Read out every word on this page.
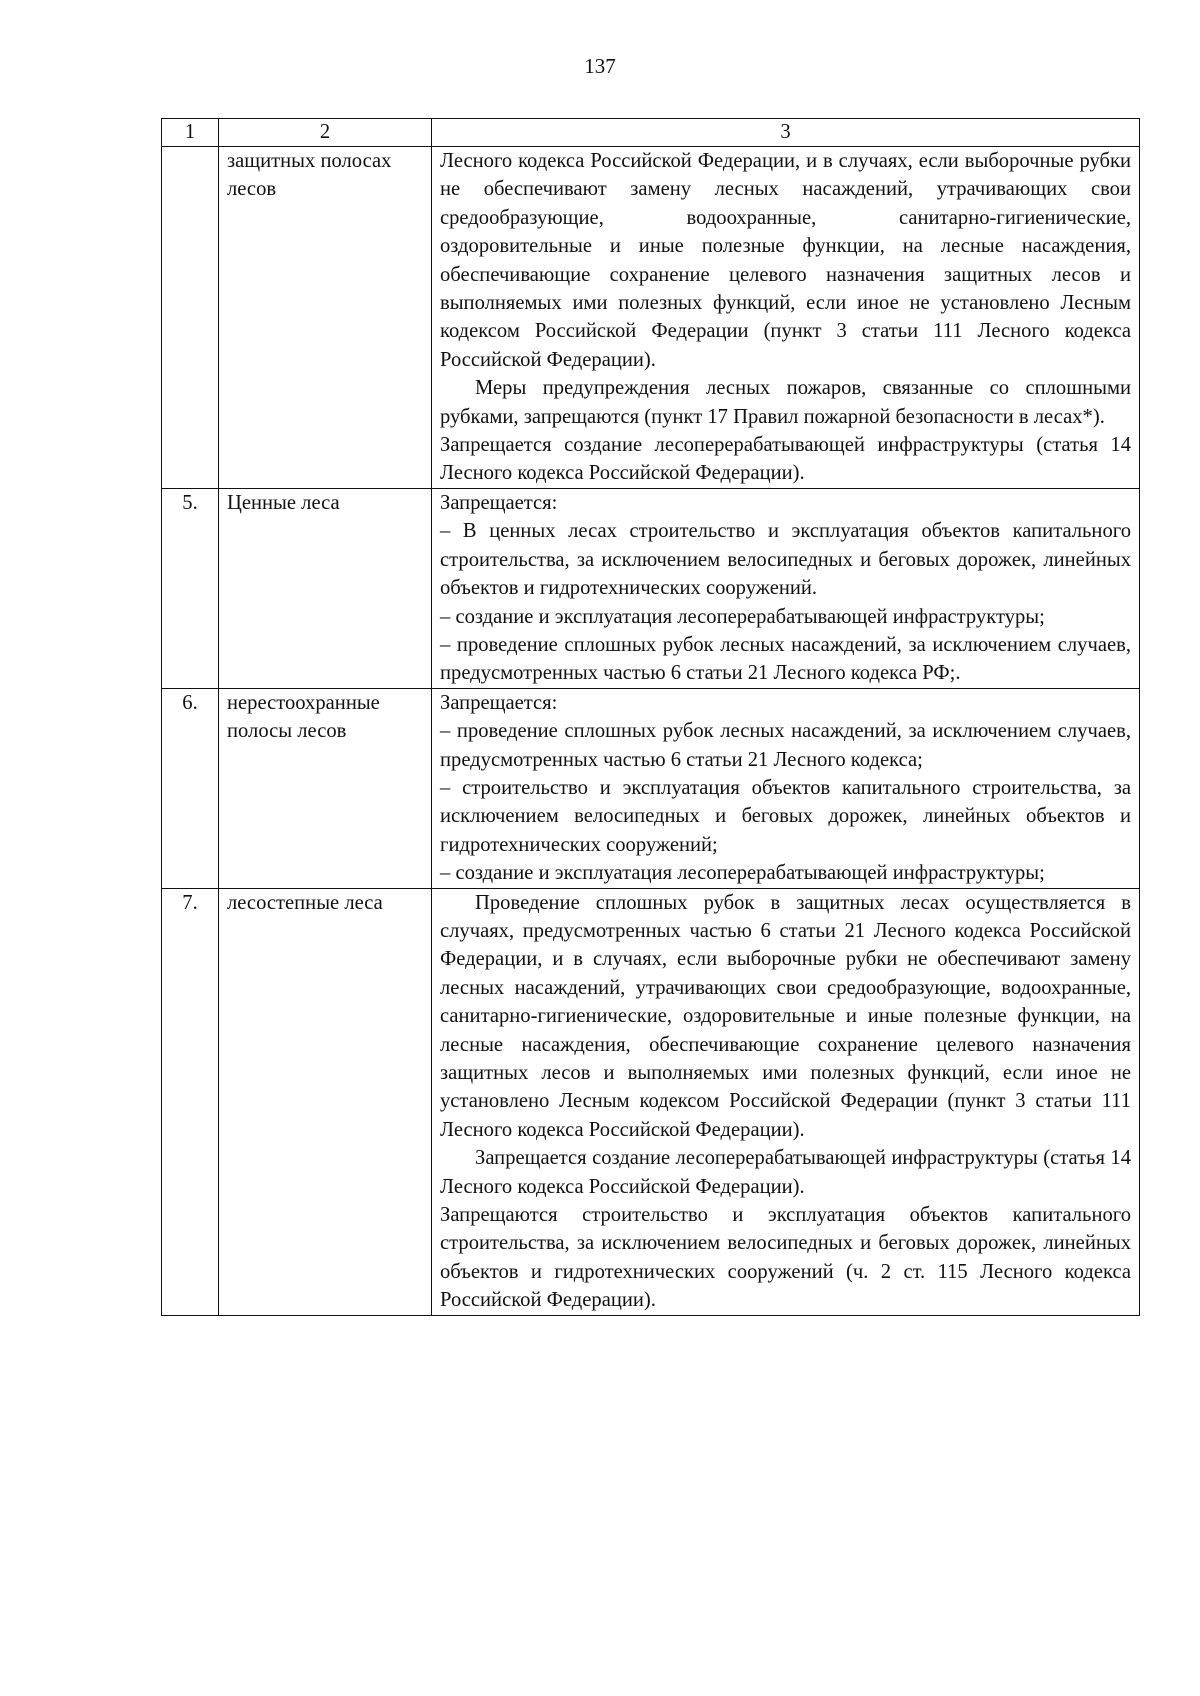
137
1	2	3
	защитных полосах лесов	Лесного кодекса Российской Федерации, и в случаях, если выборочные рубки не обеспечивают замену лесных насаждений, утрачивающих свои средообразующие, водоохранные, санитарно-гигиенические, оздоровительные и иные полезные функции, на лесные насаждения, обеспечивающие сохранение целевого назначения защитных лесов и выполняемых ими полезных функций, если иное не установлено Лесным кодексом Российской Федерации (пункт 3 статьи 111 Лесного кодекса Российской Федерации).

Меры предупреждения лесных пожаров, связанные со сплошными рубками, запрещаются (пункт 17 Правил пожарной безопасности в лесах*).

Запрещается создание лесоперерабатывающей инфраструктуры (статья 14 Лесного кодекса Российской Федерации).

5.	Ценные леса	Запрещается:

– В ценных лесах строительство и эксплуатация объектов капитального строительства, за исключением велосипедных и беговых дорожек, линейных объектов и гидротехнических сооружений.

– создание и эксплуатация лесоперерабатывающей инфраструктуры;

– проведение сплошных рубок лесных насаждений, за исключением случаев, предусмотренных частью 6 статьи 21 Лесного кодекса РФ;.

6.	нерестоохранные полосы лесов	Запрещается:

– проведение сплошных рубок лесных насаждений, за исключением случаев, предусмотренных частью 6 статьи 21 Лесного кодекса;

– строительство и эксплуатация объектов капитального строительства, за исключением велосипедных и беговых дорожек, линейных объектов и гидротехнических сооружений;

– создание и эксплуатация лесоперерабатывающей инфраструктуры;

7.	лесостепные леса	Проведение сплошных рубок в защитных лесах осуществляется в случаях, предусмотренных частью 6 статьи 21 Лесного кодекса Российской Федерации, и в случаях, если выборочные рубки не обеспечивают замену лесных насаждений, утрачивающих свои средообразующие, водоохранные, санитарно-гигиенические, оздоровительные и иные полезные функции, на лесные насаждения, обеспечивающие сохранение целевого назначения защитных лесов и выполняемых ими полезных функций, если иное не установлено Лесным кодексом Российской Федерации (пункт 3 статьи 111 Лесного кодекса Российской Федерации).

Запрещается создание лесоперерабатывающей инфраструктуры (статья 14 Лесного кодекса Российской Федерации).

Запрещаются строительство и эксплуатация объектов капитального строительства, за исключением велосипедных и беговых дорожек, линейных объектов и гидротехнических сооружений (ч. 2 ст. 115 Лесного кодекса Российской Федерации).
